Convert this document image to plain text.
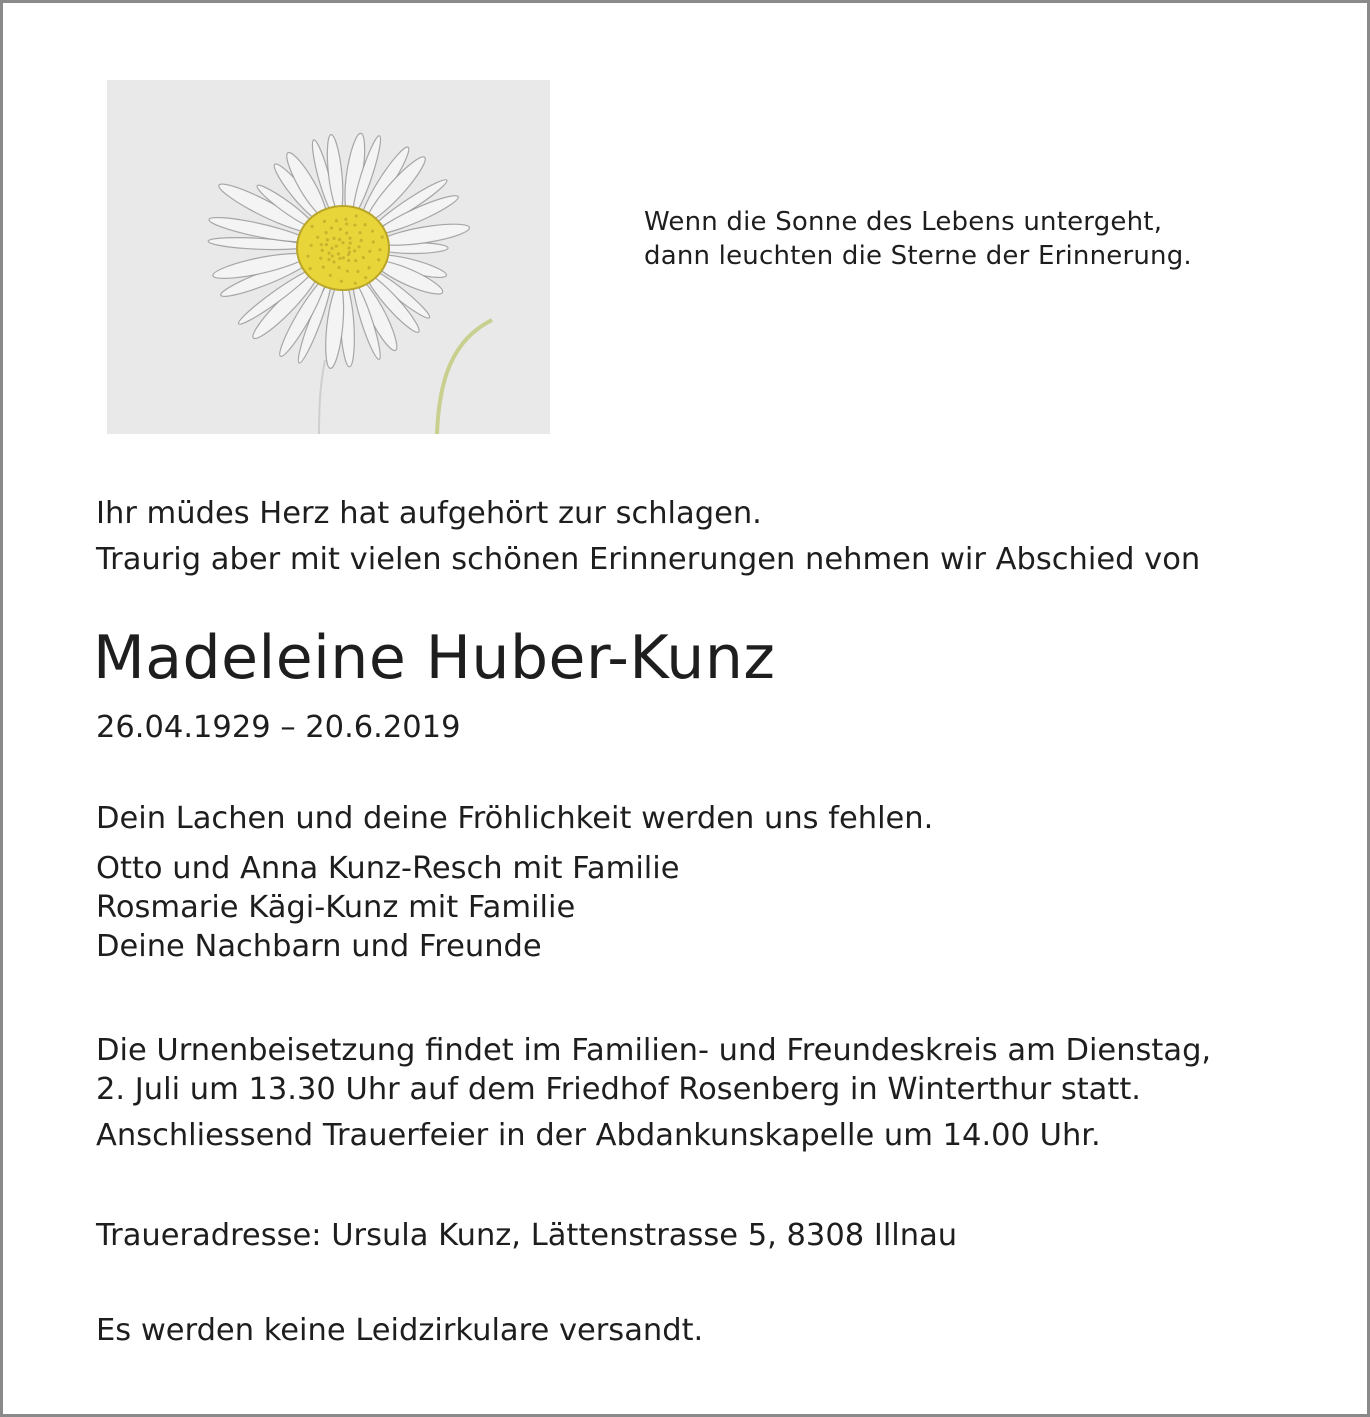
Wenn die Sonne des Lebens untergeht,
dann leuchten die Sterne der Erinnerung.
Ihr müdes Herz hat aufgehört zur schlagen.
Traurig aber mit vielen schönen Erinnerungen nehmen wir Abschied von
Madeleine Huber-Kunz
26.04.1929 – 20.6.2019
Dein Lachen und deine Fröhlichkeit werden uns fehlen.
Otto und Anna Kunz-Resch mit Familie
Rosmarie Kägi-Kunz mit Familie
Deine Nachbarn und Freunde
Die Urnenbeisetzung findet im Familien- und Freundeskreis am Dienstag,
2. Juli um 13.30 Uhr auf dem Friedhof Rosenberg in Winterthur statt.
Anschliessend Trauerfeier in der Abdankunskapelle um 14.00 Uhr.
Traueradresse: Ursula Kunz, Lättenstrasse 5, 8308 Illnau
Es werden keine Leidzirkulare versandt.
